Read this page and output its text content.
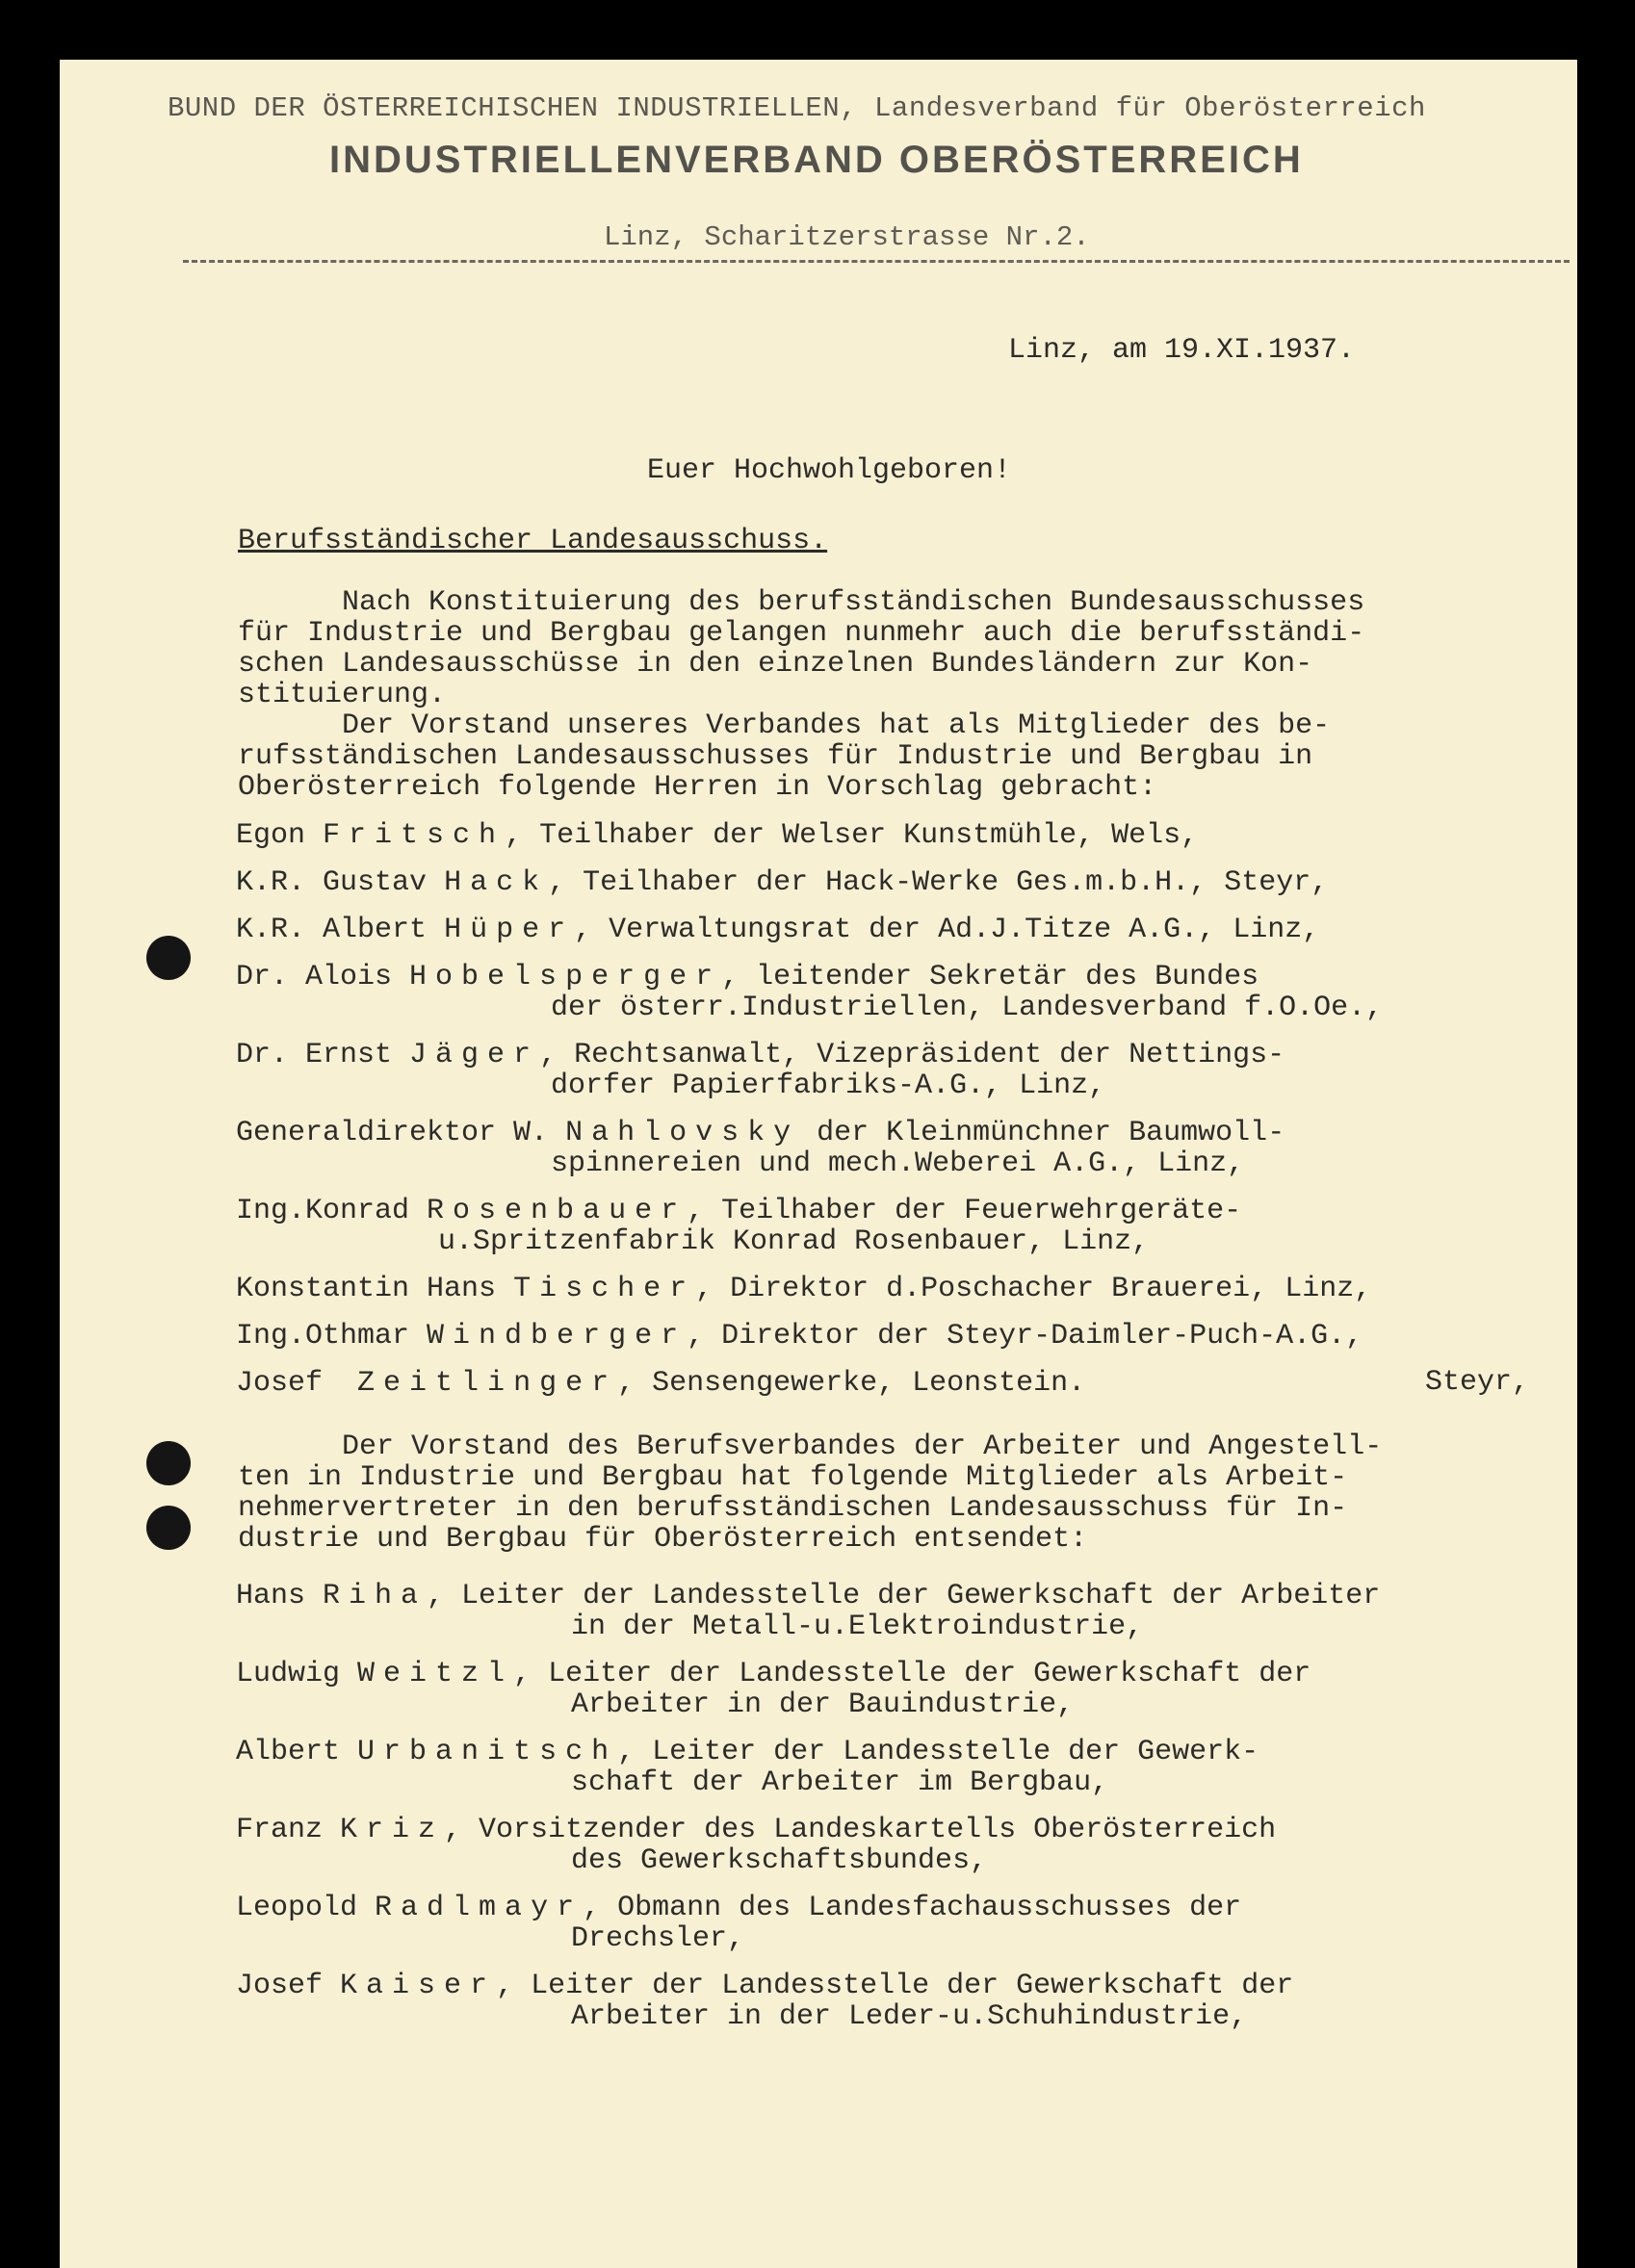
BUND DER ÖSTERREICHISCHEN INDUSTRIELLEN, Landesverband für Oberösterreich
INDUSTRIELLENVERBAND OBERÖSTERREICH
Linz, Scharitzerstrasse Nr.2.
Linz, am 19.XI.1937.
Euer Hochwohlgeboren!
Berufsständischer Landesausschuss.
Nach Konstituierung des berufsständischen Bundesausschusses
für Industrie und Bergbau gelangen nunmehr auch die berufsständi-
schen Landesausschüsse in den einzelnen Bundesländern zur Kon-
stituierung.
Der Vorstand unseres Verbandes hat als Mitglieder des be-
rufsständischen Landesausschusses für Industrie und Bergbau in
Oberösterreich folgende Herren in Vorschlag gebracht:
Egon Fritsch, Teilhaber der Welser Kunstmühle, Wels,
K.R. Gustav Hack, Teilhaber der Hack-Werke Ges.m.b.H., Steyr,
K.R. Albert Hüper, Verwaltungsrat der Ad.J.Titze A.G., Linz,
Dr. Alois Hobelsperger, leitender Sekretär des Bundes
der österr.Industriellen, Landesverband f.O.Oe.,
Dr. Ernst Jäger, Rechtsanwalt, Vizepräsident der Nettings-
dorfer Papierfabriks-A.G., Linz,
Generaldirektor W. Nahlovsky der Kleinmünchner Baumwoll-
spinnereien und mech.Weberei A.G., Linz,
Ing.Konrad Rosenbauer, Teilhaber der Feuerwehrgeräte-
u.Spritzenfabrik Konrad Rosenbauer, Linz,
Konstantin Hans Tischer, Direktor d.Poschacher Brauerei, Linz,
Ing.Othmar Windberger, Direktor der Steyr-Daimler-Puch-A.G.,
Josef  Zeitlinger, Sensengewerke, Leonstein.	Steyr,
Der Vorstand des Berufsverbandes der Arbeiter und Angestell-
ten in Industrie und Bergbau hat folgende Mitglieder als Arbeit-
nehmervertreter in den berufsständischen Landesausschuss für In-
dustrie und Bergbau für Oberösterreich entsendet:
Hans Riha, Leiter der Landesstelle der Gewerkschaft der Arbeiter
in der Metall-u.Elektroindustrie,
Ludwig Weitzl, Leiter der Landesstelle der Gewerkschaft der
Arbeiter in der Bauindustrie,
Albert Urbanitsch, Leiter der Landesstelle der Gewerk-
schaft der Arbeiter im Bergbau,
Franz Kriz, Vorsitzender des Landeskartells Oberösterreich
des Gewerkschaftsbundes,
Leopold Radlmayr, Obmann des Landesfachausschusses der
Drechsler,
Josef Kaiser, Leiter der Landesstelle der Gewerkschaft der
Arbeiter in der Leder-u.Schuhindustrie,
